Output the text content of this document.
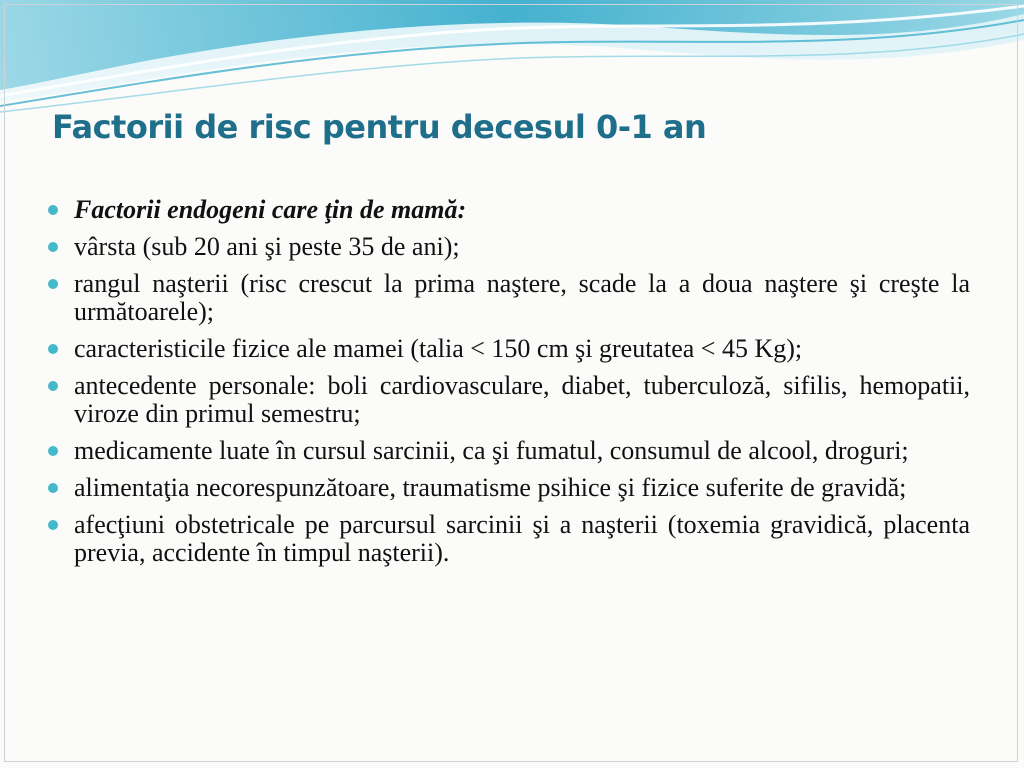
Factorii de risc pentru decesul 0-1 an
Factorii endogeni care ţin de mamă:
vârsta (sub 20 ani şi peste 35 de ani);
rangul naşterii (risc crescut la prima naştere, scade la a doua naştere şi creşte la următoarele);
caracteristicile fizice ale mamei (talia < 150 cm şi greutatea < 45 Kg);
antecedente personale: boli cardiovasculare, diabet, tuberculoză, sifilis, hemopatii, viroze din primul semestru;
medicamente luate în cursul sarcinii, ca şi fumatul, consumul de alcool, droguri;
alimentaţia necorespunzătoare, traumatisme psihice şi fizice suferite de gravidă;
afecţiuni obstetricale pe parcursul sarcinii şi a naşterii (toxemia gravidică, placenta previa, accidente în timpul naşterii).
